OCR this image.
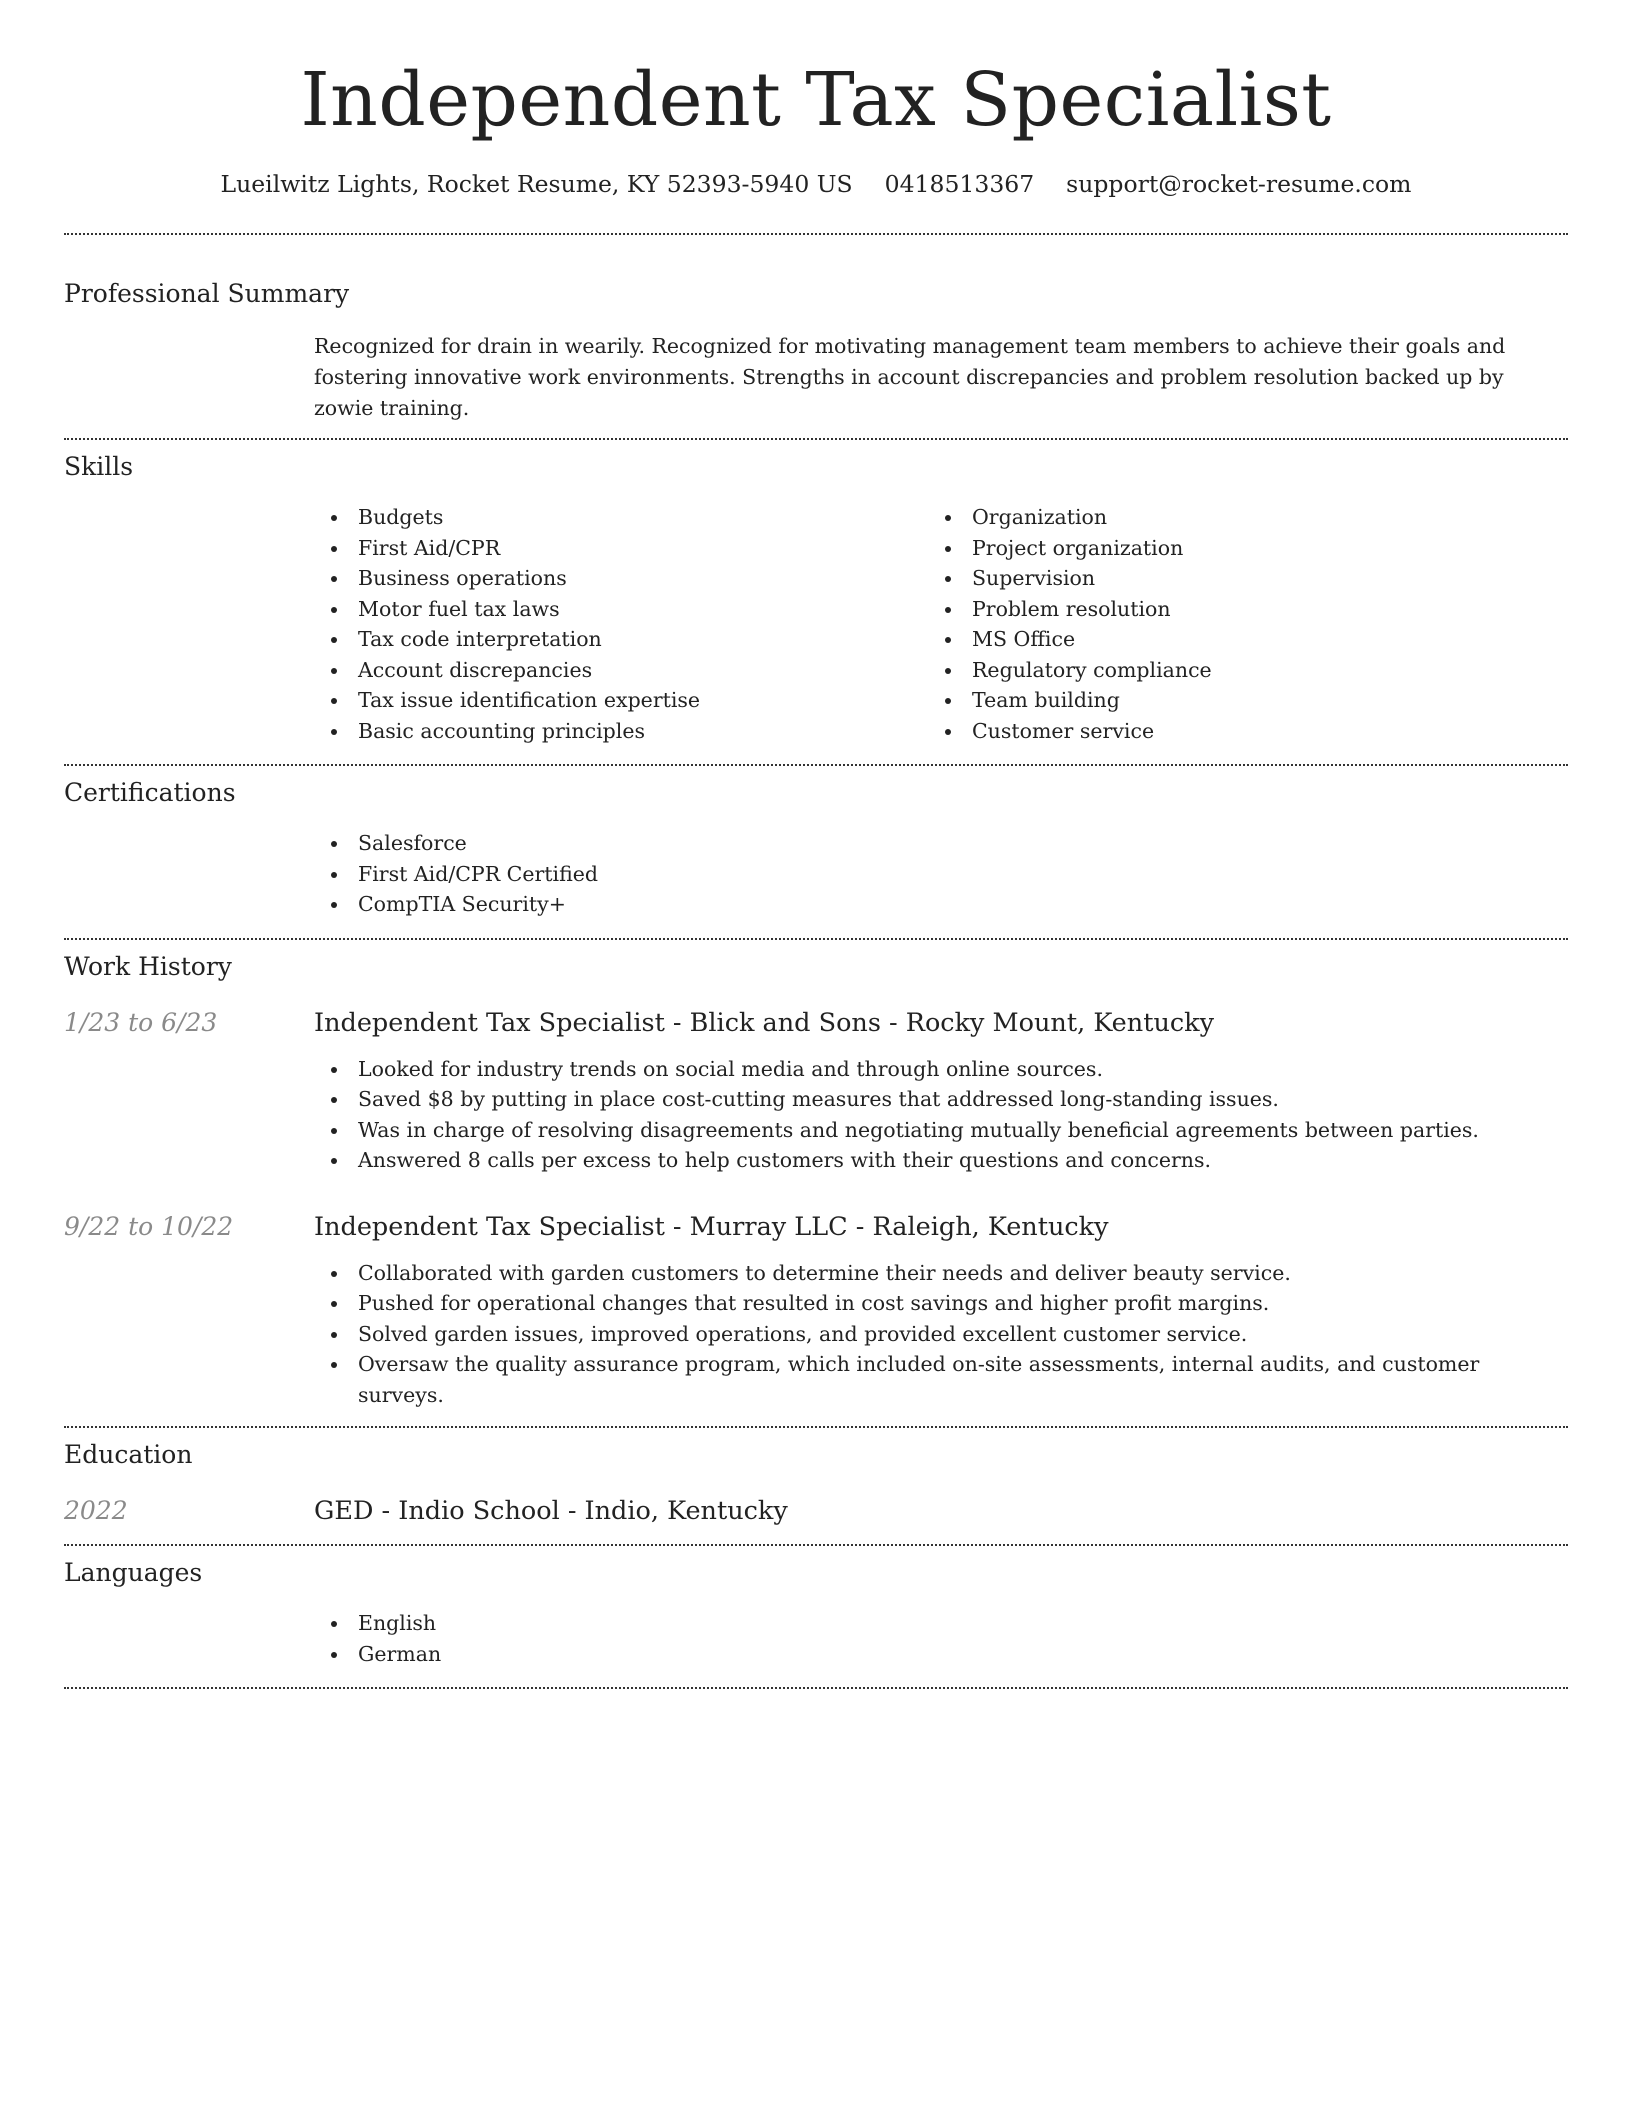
Independent Tax Specialist
Lueilwitz Lights, Rocket Resume, KY 52393-5940 US 0418513367 support@rocket-resume.com
Professional Summary

Recognized for drain in wearily. Recognized for motivating management team members to achieve their goals and fostering innovative work environments. Strengths in account discrepancies and problem resolution backed up by zowie training.

Skills
Budgets
First Aid/CPR
Business operations
Motor fuel tax laws
Tax code interpretation
Account discrepancies
Tax issue identification expertise
Basic accounting principles
Organization
Project organization
Supervision
Problem resolution
MS Office
Regulatory compliance
Team building
Customer service
Certifications
Salesforce
First Aid/CPR Certified
CompTIA Security+
Work History
1/23 to 6/23	Independent Tax Specialist - Blick and Sons - Rocky Mount, Kentucky
Looked for industry trends on social media and through online sources.
Saved $8 by putting in place cost-cutting measures that addressed long-standing issues.
Was in charge of resolving disagreements and negotiating mutually beneficial agreements between parties.
Answered 8 calls per excess to help customers with their questions and concerns.
9/22 to 10/22	Independent Tax Specialist - Murray LLC - Raleigh, Kentucky
Collaborated with garden customers to determine their needs and deliver beauty service.
Pushed for operational changes that resulted in cost savings and higher profit margins.
Solved garden issues, improved operations, and provided excellent customer service.
Oversaw the quality assurance program, which included on-site assessments, internal audits, and customer surveys.
Education
2022	GED - Indio School - Indio, Kentucky
Languages
English
German
